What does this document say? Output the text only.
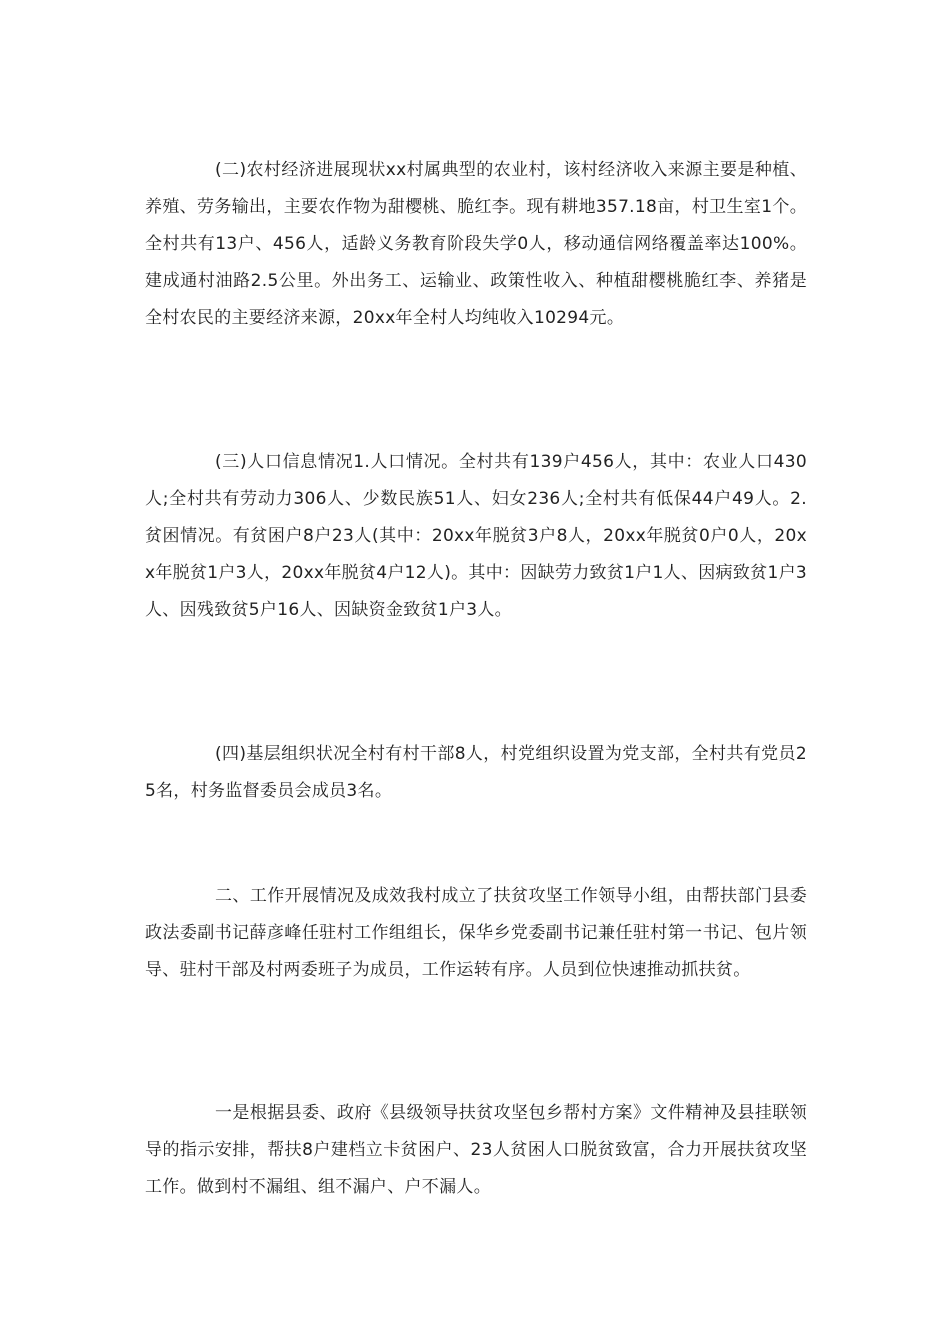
(二)农村经济进展现状xx村属典型的农业村，该村经济收入来源主要是种植、养殖、劳务输出，主要农作物为甜樱桃、脆红李。现有耕地357.18亩，村卫生室1个。全村共有13户、456人，适龄义务教育阶段失学0人，移动通信网络覆盖率达100%。建成通村油路2.5公里。外出务工、运输业、政策性收入、种植甜樱桃脆红李、养猪是全村农民的主要经济来源，20xx年全村人均纯收入10294元。

(三)人口信息情况1.人口情况。全村共有139户456人，其中：农业人口430人;全村共有劳动力306人、少数民族51人、妇女236人;全村共有低保44户49人。2.贫困情况。有贫困户8户23人(其中：20xx年脱贫3户8人，20xx年脱贫0户0人，20xx年脱贫1户3人，20xx年脱贫4户12人)。其中：因缺劳力致贫1户1人、因病致贫1户3人、因残致贫5户16人、因缺资金致贫1户3人。

(四)基层组织状况全村有村干部8人，村党组织设置为党支部，全村共有党员25名，村务监督委员会成员3名。

二、工作开展情况及成效我村成立了扶贫攻坚工作领导小组，由帮扶部门县委政法委副书记薛彦峰任驻村工作组组长，保华乡党委副书记兼任驻村第一书记、包片领导、驻村干部及村两委班子为成员，工作运转有序。人员到位快速推动抓扶贫。

一是根据县委、政府《县级领导扶贫攻坚包乡帮村方案》文件精神及县挂联领导的指示安排，帮扶8户建档立卡贫困户、23人贫困人口脱贫致富，合力开展扶贫攻坚工作。做到村不漏组、组不漏户、户不漏人。
